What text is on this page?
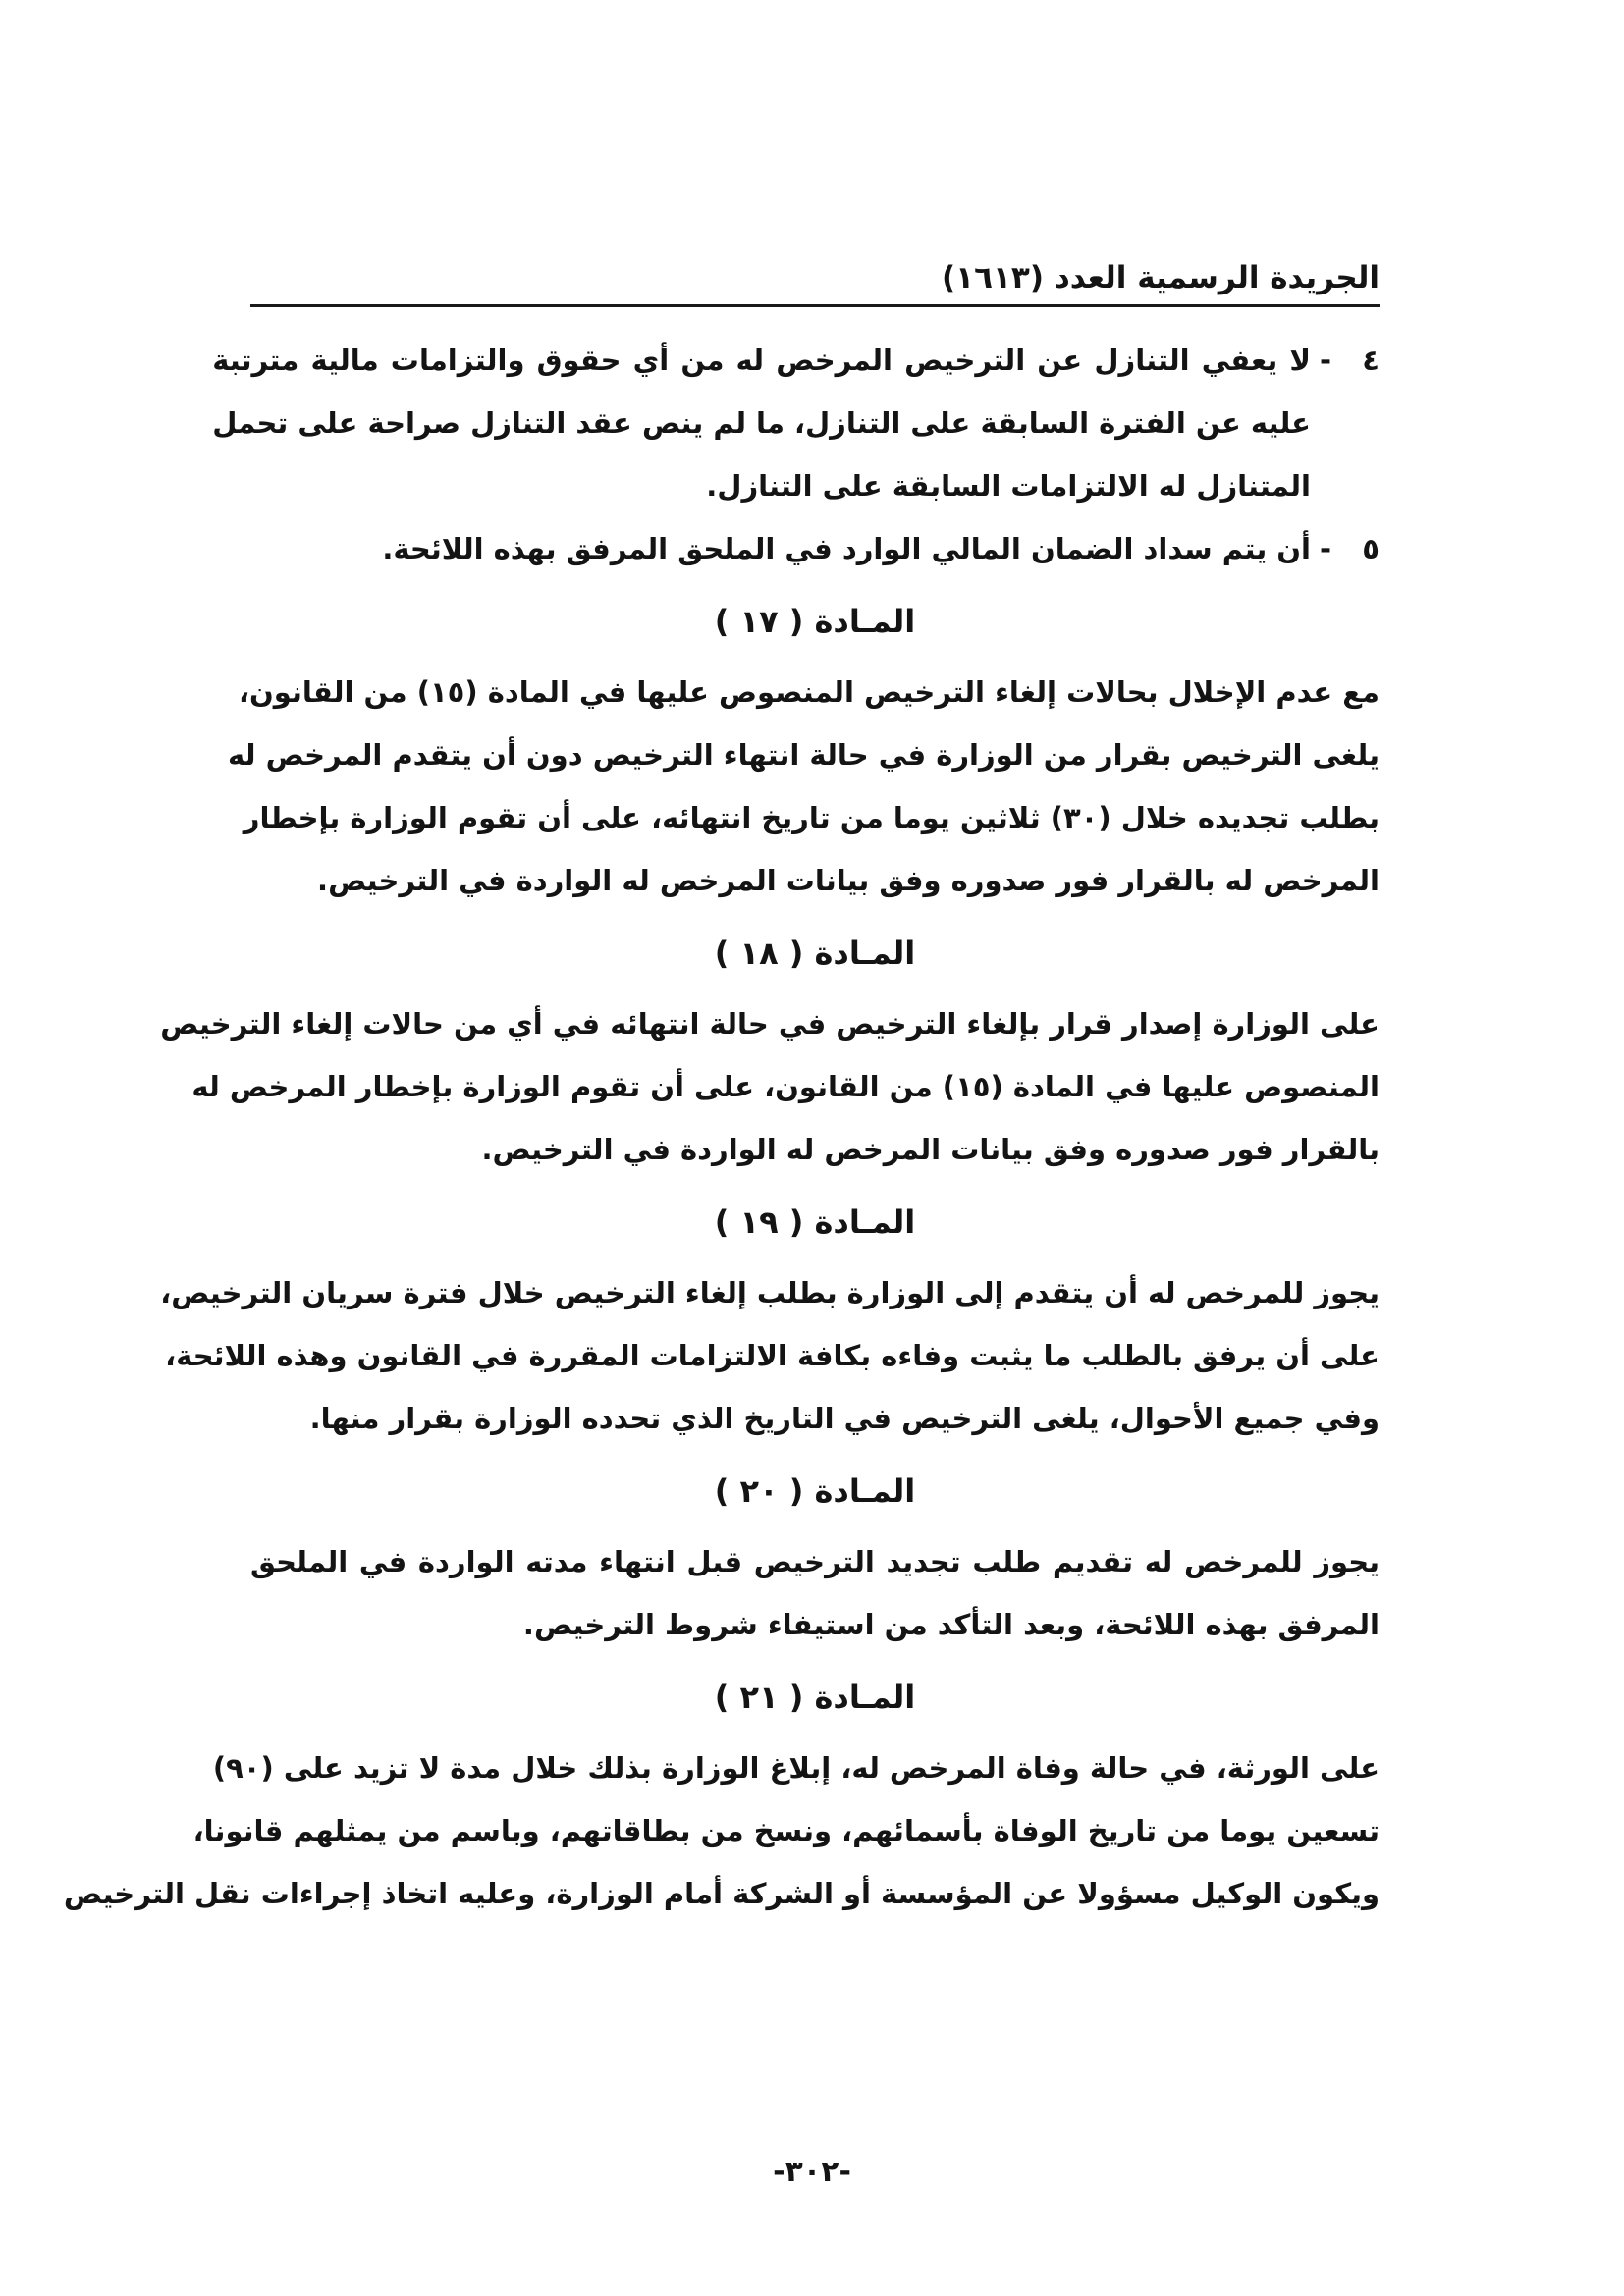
الجريدة الرسمية العدد (١٦١٣)
٤
-
لا يعفي التنازل عن الترخيص المرخص له من أي حقوق والتزامات مالية مترتبة
عليه عن الفترة السابقة على التنازل، ما لم ينص عقد التنازل صراحة على تحمل
المتنازل له الالتزامات السابقة على التنازل.
٥
-
أن يتم سداد الضمان المالي الوارد في الملحق المرفق بهذه اللائحة.
المـادة ( ١٧ )
مع عدم الإخلال بحالات إلغاء الترخيص المنصوص عليها في المادة (١٥) من القانون،
يلغى الترخيص بقرار من الوزارة في حالة انتهاء الترخيص دون أن يتقدم المرخص له
بطلب تجديده خلال (٣٠) ثلاثين يوما من تاريخ انتهائه، على أن تقوم الوزارة بإخطار
المرخص له بالقرار فور صدوره وفق بيانات المرخص له الواردة في الترخيص.
المـادة ( ١٨ )
على الوزارة إصدار قرار بإلغاء الترخيص في حالة انتهائه في أي من حالات إلغاء الترخيص
المنصوص عليها في المادة (١٥) من القانون، على أن تقوم الوزارة بإخطار المرخص له
بالقرار فور صدوره وفق بيانات المرخص له الواردة في الترخيص.
المـادة ( ١٩ )
يجوز للمرخص له أن يتقدم إلى الوزارة بطلب إلغاء الترخيص خلال فترة سريان الترخيص،
على أن يرفق بالطلب ما يثبت وفاءه بكافة الالتزامات المقررة في القانون وهذه اللائحة،
وفي جميع الأحوال، يلغى الترخيص في التاريخ الذي تحدده الوزارة بقرار منها.
المـادة ( ٢٠ )
يجوز للمرخص له تقديم طلب تجديد الترخيص قبل انتهاء مدته الواردة في الملحق
المرفق بهذه اللائحة، وبعد التأكد من استيفاء شروط الترخيص.
المـادة ( ٢١ )
على الورثة، في حالة وفاة المرخص له، إبلاغ الوزارة بذلك خلال مدة لا تزيد على (٩٠)
تسعين يوما من تاريخ الوفاة بأسمائهم، ونسخ من بطاقاتهم، وباسم من يمثلهم قانونا،
ويكون الوكيل مسؤولا عن المؤسسة أو الشركة أمام الوزارة، وعليه اتخاذ إجراءات نقل الترخيص
-٣٠٢-
